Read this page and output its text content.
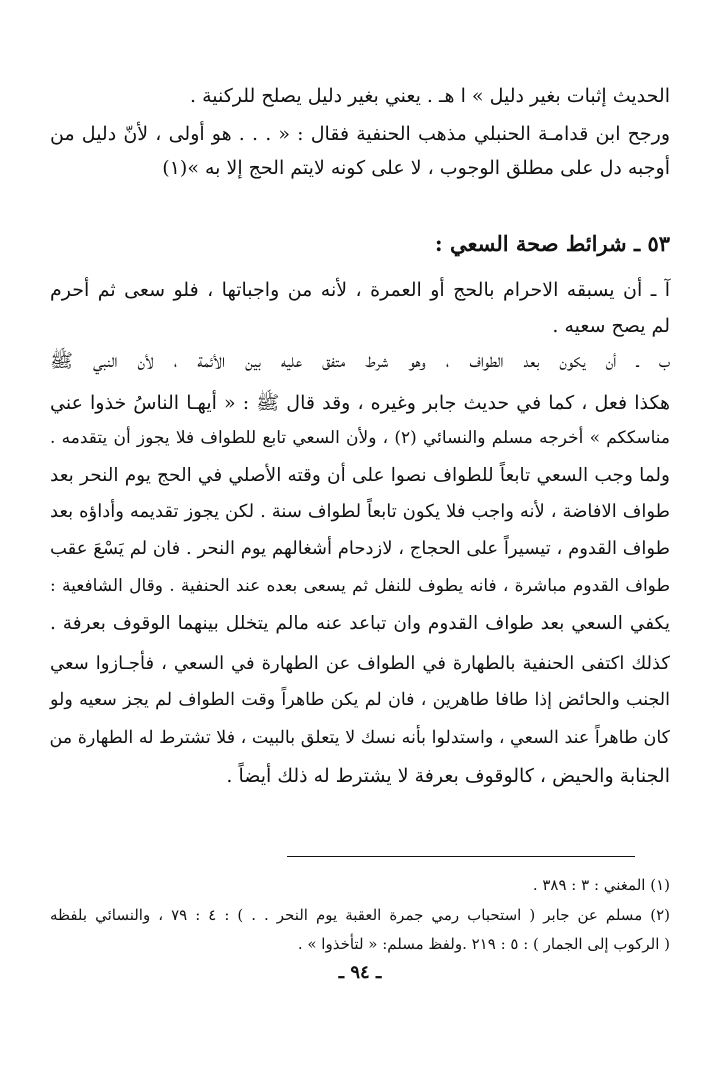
الحديث إثبات بغير دليل » ا هـ . يعني بغير دليل يصلح للركنية .
ورجح ابن قدامـة الحنبلي مذهب الحنفية فقال : « . . . هو أولى ، لأنّ دليل من
أوجبه دل على مطلق الوجوب ، لا على كونه لايتم الحج إلا به »(١)
٥٣ ـ شرائط صحة السعي :
آ ـ أن يسبقه الاحرام بالحج أو العمرة ، لأنه من واجباتها ، فلو سعى ثم أحرم
لم يصح سعيه .
ب ـ أن يكون بعد الطواف ، وهو شرط متفق عليه بين الأئمة ، لأن النبي ﷺ
هكذا فعل ، كما في حديث جابر وغيره ، وقد قال ﷺ : « أيهـا الناسُ خذوا عني
مناسككم » أخرجه مسلم والنسائي (٢) ، ولأن السعي تابع للطواف فلا يجوز أن يتقدمه .
ولما وجب السعي تابعاً للطواف نصوا على أن وقته الأصلي في الحج يوم النحر بعد
طواف الافاضة ، لأنه واجب فلا يكون تابعاً لطواف سنة . لكن يجوز تقديمه وأداؤه بعد
طواف القدوم ، تيسيراً على الحجاج ، لازدحام أشغالهم يوم النحر . فان لم يَسْعَ عقب
طواف القدوم مباشرة ، فانه يطوف للنفل ثم يسعى بعده عند الحنفية . وقال الشافعية :
يكفي السعي بعد طواف القدوم وان تباعد عنه مالم يتخلل بينهما الوقوف بعرفة .
كذلك اكتفى الحنفية بالطهارة في الطواف عن الطهارة في السعي ، فأجـازوا سعي
الجنب والحائض إذا طافا طاهرين ، فان لم يكن طاهراً وقت الطواف لم يجز سعيه ولو
كان طاهراً عند السعي ، واستدلوا بأنه نسك لا يتعلق بالبيت ، فلا تشترط له الطهارة من
الجنابة والحيض ، كالوقوف بعرفة لا يشترط له ذلك أيضاً .
(١) المغني : ٣ : ٣٨٩ .
(٢) مسلم عن جابر ( استحباب رمي جمرة العقبة يوم النحر . . ) : ٤ : ٧٩ ، والنسائي بلفظه
( الركوب إلى الجمار ) : ٥ : ٢١٩ .ولفظ مسلم: « لتأخذوا » .
ـ ٩٤ ـ
